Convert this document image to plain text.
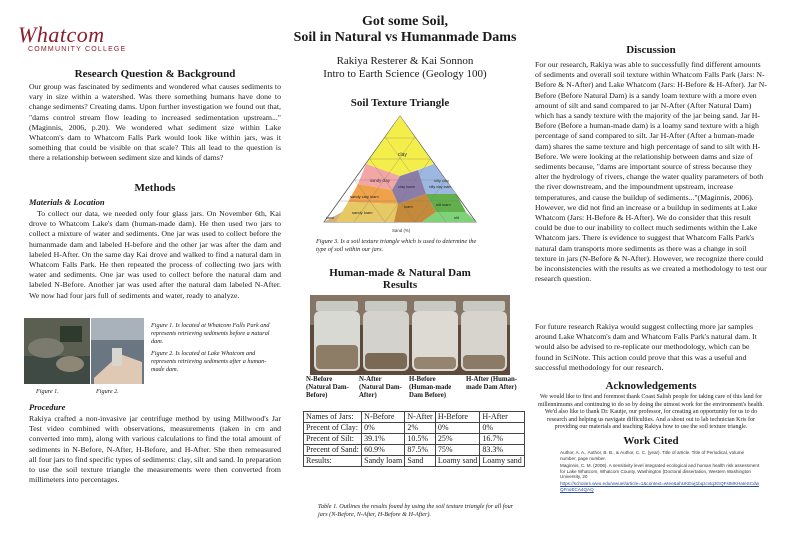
Whatcom
COMMUNITY COLLEGE
Got some Soil,
Soil in Natural vs Humanmade Dams
Rakiya Resterer & Kai Sonnon
Intro to Earth Science (Geology 100)
Research Question & Background

Our group was fascinated by sediments and wondered what causes sediments to vary in size within a watershed. Was there something humans have done to change sediments? Creating dams. Upon further investigation we found out that, "dams control stream flow leading to increased sedimentation upstream..."(Maginnis, 2006, p.20). We wondered what sediment size within Lake Whatcom's dam to Whatcom Falls Park would look like within jars, was it something that could be visible on that scale? This all lead to the question is there a relationship between sediment size and kinds of dams?

Methods
Materials & Location

To collect our data, we needed only four glass jars. On November 6th, Kai drove to Whatcom Lake's dam (human-made dam). He then used two jars to collect a mixture of water and sediments. One jar was used to collect before the humanmade dam and labeled H-before and the other jar was after the dam and labeled H-After. On the same day Kai drove and walked to find a natural dam in Whatcom Falls Park. He then repeated the process of collecting two jars with water and sediments. One jar was used to collect before the natural dam and labeled N-Before. Another jar was used after the natural dam labeled N-After. We now had four jars full of sediments and water, ready to analyze.

Figure 1.	Figure 2.
Figure 1. Is located at Whatcom Falls Park and represents retrieving sediments before a natural dam.
Figure 2. Is located at Lake Whatcom and represents retrieving sediments after a human-made dam.
Procedure

Rakiya crafted a non-invasive jar centrifuge method by using Millwood's Jar Test video combined with observations, measurements (taken in cm and converted into mm), along with various calculations to find the total amount of sediments in N-Before, N-After, H-Before, and H-After. She then remeasured all four jars to find specific types of sediments: clay, silt and sand. In preparation to use the soil texture triangle the measurements were then converted from millimeters into percentages.

Soil Texture Triangle
clay
sandy clay	silty clay
clay loam	silty clay loam
sandy clay loam
loam	silt loam
sandy loam
silt
sand
Sand (%)
Figure 3. Is a soil texture triangle which is used to determine the type of soil within our jars.
Human-made & Natural Dam
Results
N-Before (Natural Dam-Before)
N-After (Natural Dam-After)
H-Before (Human-made Dam Before)
H-After (Human-made Dam After)
Names of Jars:	N-Before	N-After	H-Before	H-After
Precent of Clay:	0%	2%	0%	0%
Precent of Silt:	39.1%	10.5%	25%	16.7%
Precent of Sand:	60.9%	87.5%	75%	83.3%
Results:	Sandy loam	Sand	Loamy sand	Loamy sand
Table 1. Outlines the results found by using the soil texture triangle for all four jars (N-Before, N-After, H-Before & H-After).
Discussion

For our research, Rakiya was able to successfully find different amounts of sediments and overall soil texture within Whatcom Falls Park (Jars: N-Before & N-After) and Lake Whatcom (Jars: H-Before & H-After). Jar N-Before (Before Natural Dam) is a sandy loam texture with a more even amount of silt and sand compared to jar N-After (After Natural Dam) which has a sandy texture with the majority of the jar being sand. Jar H-Before (Before a human-made dam) is a loamy sand texture with a high percentage of sand compared to silt. Jar H-After (After a human-made dam) shares the same texture and high percentage of sand to silt with H-Before. We were looking at the relationship between dams and size of sediments because, "dams are important source of stress because they alter the hydrology of rivers, change the water quality parameters of both the river downstream, and the impoundment upstream, increase temperatures, and cause the buildup of sediments..."(Maginnis, 2006). However, we did not find an increase or a buildup in sediments at Lake Whatcom (Jars: H-Before & H-After). We do consider that this result could be due to our inability to collect much sediments within the Lake Whatcom jars. There is evidence to suggest that Whatcom Falls Park's natural dam transports more sediments as there was a change in soil texture in jars (N-Before & N-After). However, we recognize there could be inconsistencies with the results as we created a methodology to test our research question.

For future research Rakiya would suggest collecting more jar samples around Lake Whatcom's dam and Whatcom Falls Park's natural dam. It would also be advised to re-replicate our methodology, which can be found in SciNote. This action could prove that this was a useful and successful methodology for our research.

Acknowledgements

We would like to first and foremost thank Coast Salish people for taking care of this land for millennimums and continuing to do so by doing the utmost work for the environment's health. We'd also like to thank Dr. Kautje, our professor, for creating an opportunity for us to do research and helping us navigate difficulties. And a shout out to lab technician Kris for providing our materials and teaching Rakiya how to use the soil texture triangle.

Work Cited
Author, A. A., Author, B. B., & Author, C. C. (year). Title of article. Title of Periodical, volume number, page number.
Maginnis, C. M. (2006). A sensitivity level integrated ecological and human health risk assessment for Lake Whatcom, Whatcom County, Washington (Doctoral dissertation, Western Washington University, 20
https://scholars.wwu.edu/wwuet/article=1&context=wtee&ahUKEwj1bqzcvtq3GQFsIMKHaIeSCdwQFnoECA4QAQ
